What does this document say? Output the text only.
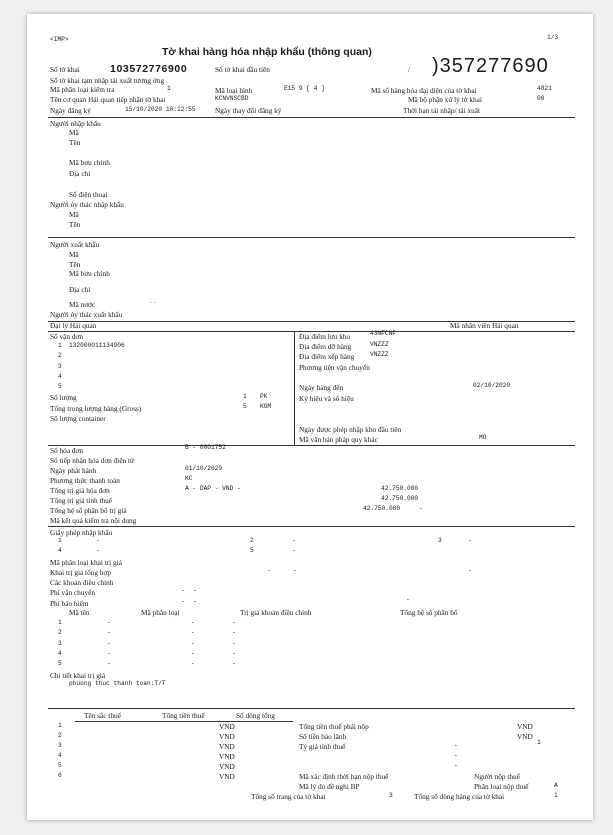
<IMP>	1/3
Tờ khai hàng hóa nhập khẩu (thông quan)
)357277690
Số tờ khai	103572776900	Số tờ khai đầu tiên	/
Số tờ khai tạm nhập tái xuất tương ứng
Mã phân loại kiểm tra	1	Mã loại hình	E15 9 [ 4 ]	Mã số hàng hóa đại diện của tờ khai	4821
Tên cơ quan Hải quan tiếp nhận tờ khai	KCNVNSCBD	Mã bộ phận xử lý tờ khai	00
Ngày đăng ký	15/10/2020 10:12:55	Ngày thay đổi đăng ký	Thời hạn tái nhập/ tái xuất
Người nhập khẩu
Mã
Tên
Mã bưu chính
Địa chỉ
Số điện thoại
Người ủy thác nhập khẩu
Mã
Tên
Người xuất khẩu
Mã
Tên
Mã bưu chính
Địa chỉ
Mã nước	--
Người ủy thác xuất khẩu
Đại lý Hải quan	Mã nhân viên Hải quan
Số vận đơn
1 132000011134906
2
3
4
5
Số lượng	1 PK
Tổng trọng lượng hàng (Gross)	5 KGM
Số lượng container
Địa điểm lưu kho	43NFCNF
Địa điểm dỡ hàng	VNZZZ
Địa điểm xếp hàng	VNZZZ
Phương tiện vận chuyển
Ngày hàng đến	02/10/2020
Ký hiệu và số hiệu
Ngày được phép nhập kho đầu tiên
Mã văn bản pháp quy khác	MO
Số hóa đơn	B - 0001752
Số tiếp nhận hóa đơn điện tử
Ngày phát hành	01/10/2020
Phương thức thanh toán	KC
Tổng trị giá hóa đơn	A - DAP - VND -	42.750.000
Tổng trị giá tính thuế	42.750.000
Tổng hệ số phân bổ trị giá	42.750.000	-
Mã kết quả kiểm tra nội dung
Giấy phép nhập khẩu
1	-	2	-	3	-
4	-	5	-
Mã phân loại khai trị giá
Khai trị giá tổng hợp	-	-	-
Các khoản điều chỉnh
Phí vận chuyển	- -
Phí bảo hiểm	- -	-
Mã tên	Mã phân loại	Trị giá khoản điều chỉnh	Tổng hệ số phân bổ
1	-	-	-
2	-	-	-
3	-	-	-
4	-	-	-
5	-	-	-
Chi tiết khai trị giá
phuong thuc thanh toan:T/T
Tên sắc thuế	Tổng tiền thuế	Số dòng tổng
1	VND
2	VND
3	VND
4	VND
5	VND
6	VND
Tổng tiền thuế phải nộp	VND
Số tiền bảo lãnh	VND
Tỷ giá tính thuế	-	1
-
-
Mã xác định thời hạn nộp thuế	Người nộp thuế
Mã lý do đề nghị BP	Phân loại nộp thuế	A
Tổng số trang của tờ khai	3	Tổng số dòng hàng của tờ khai	1
